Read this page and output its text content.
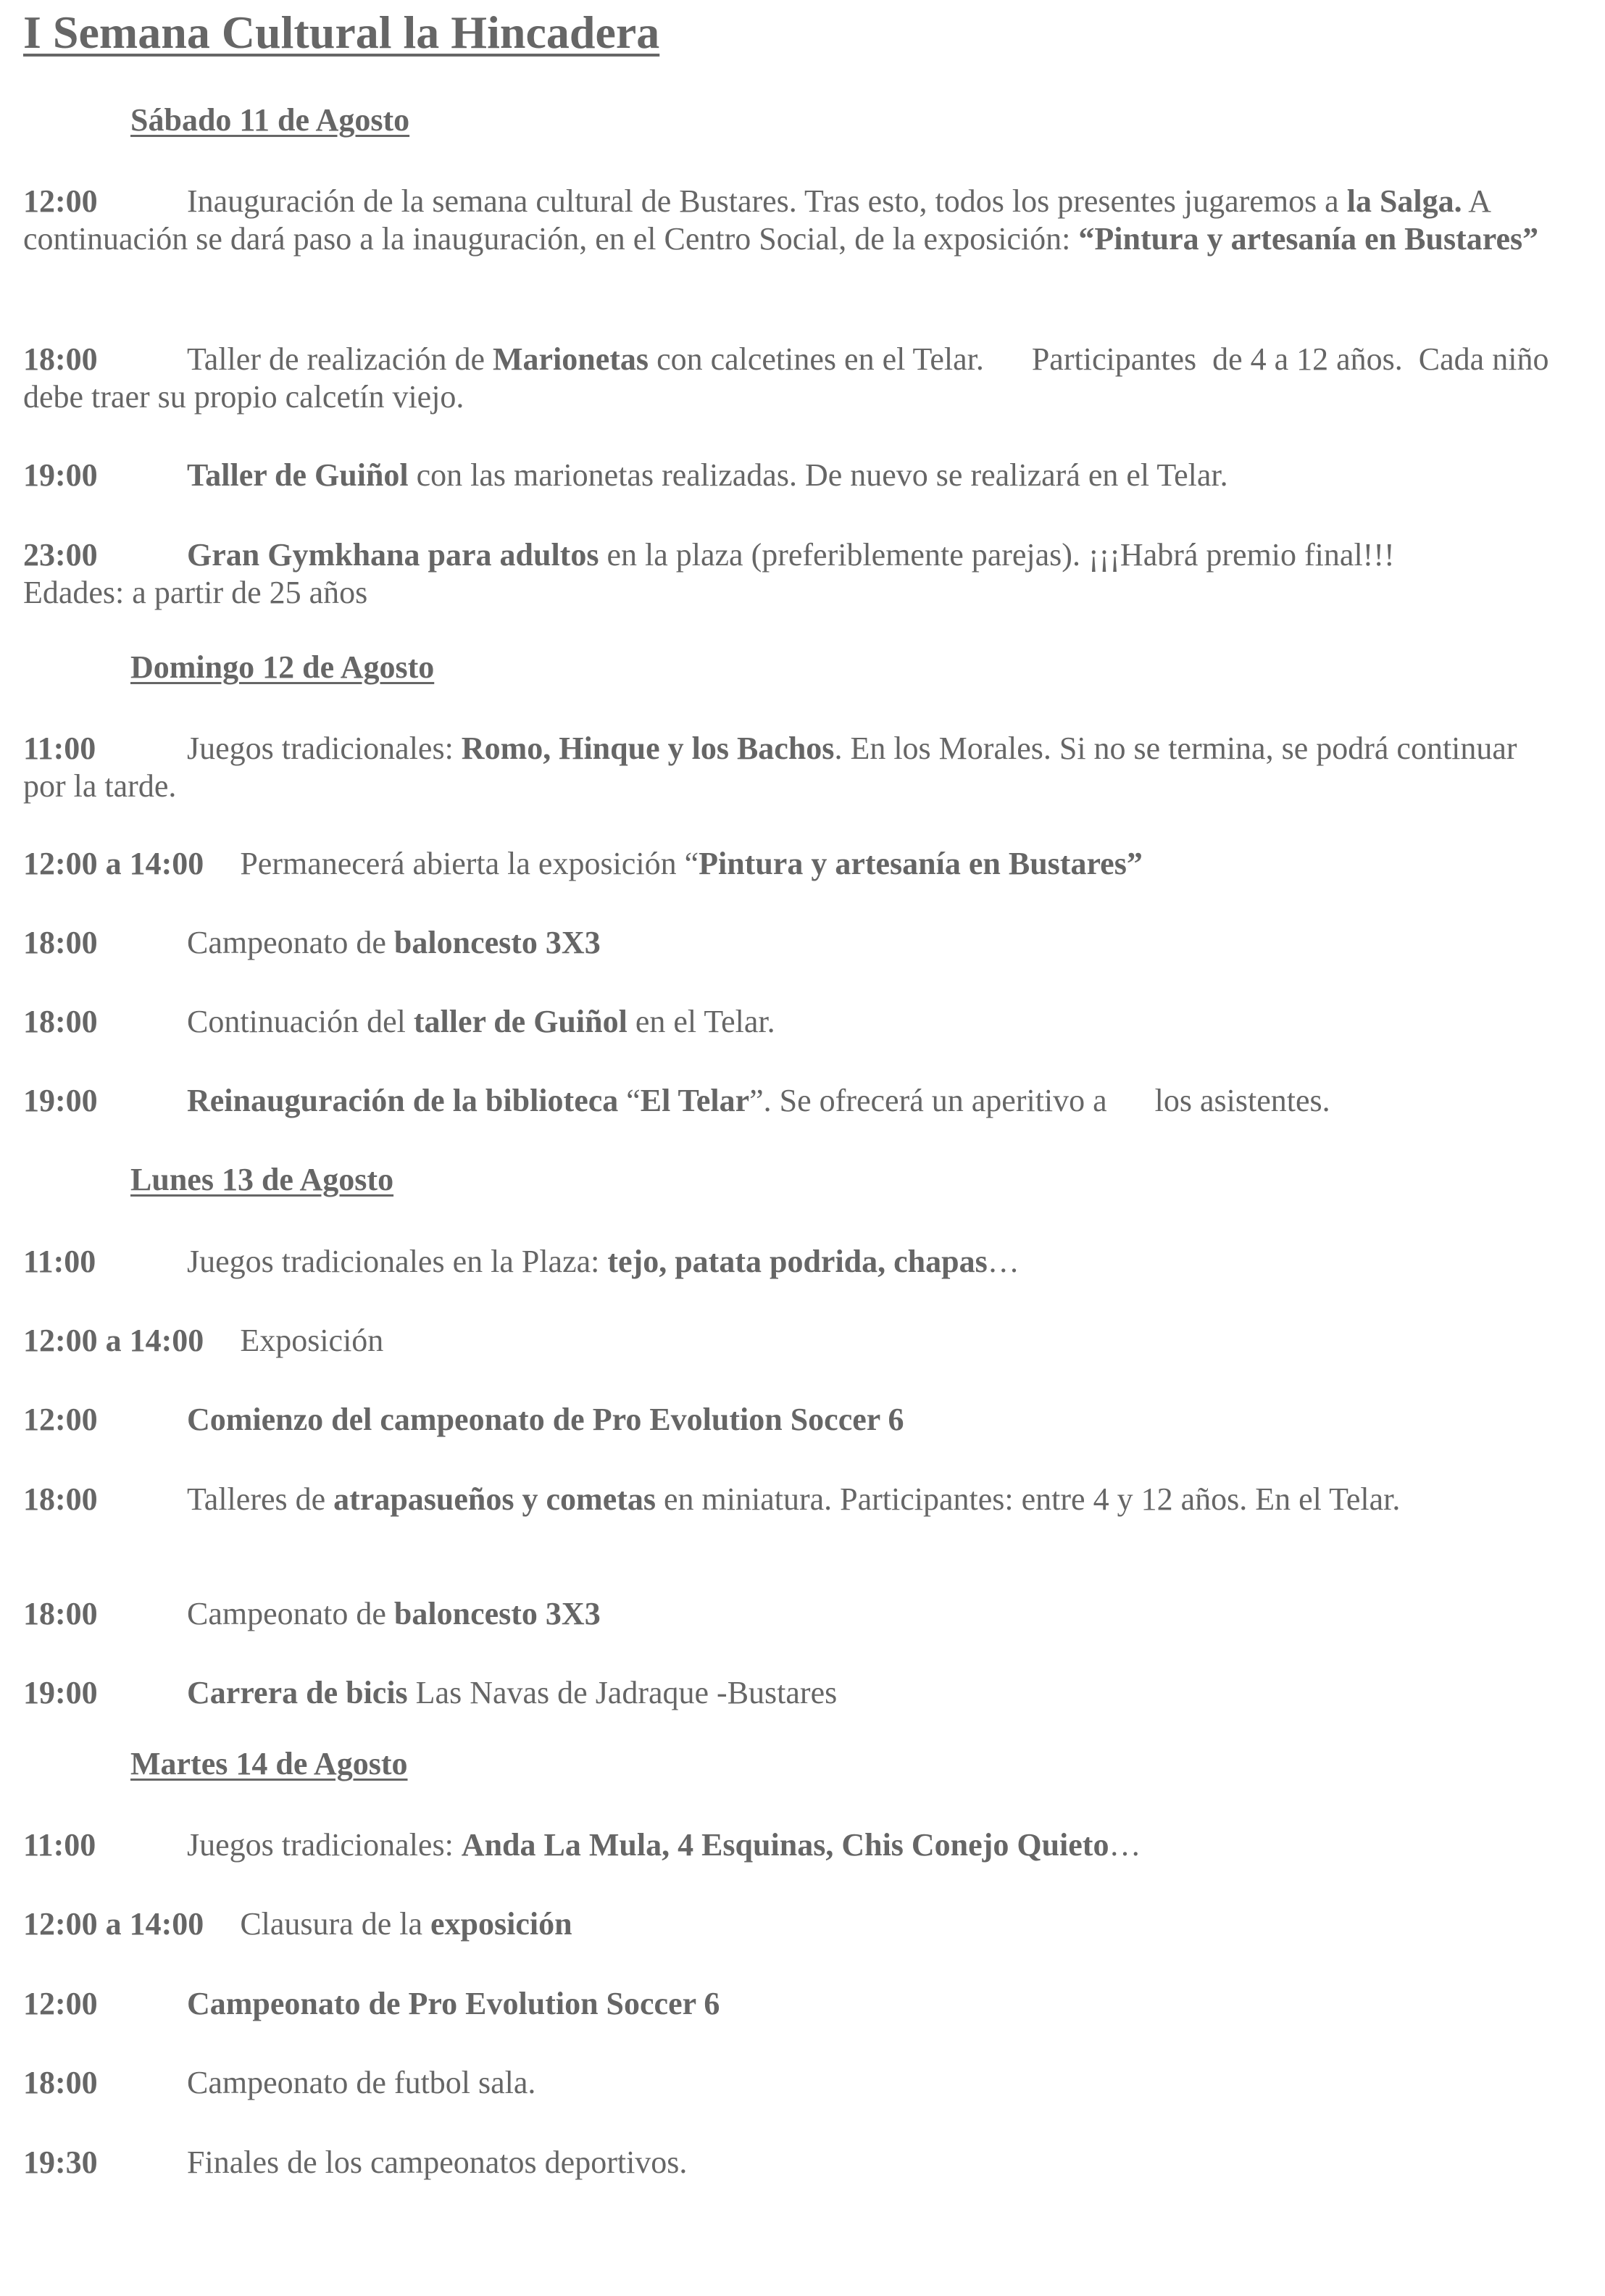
I Semana Cultural la Hincadera
Sábado 11 de Agosto

12:00	Inauguración de la semana cultural de Bustares. Tras esto, todos los presentes jugaremos a la Salga. A continuación se dará paso a la inauguración, en el Centro Social, de la exposición: “Pintura y artesanía en Bustares”

18:00	Taller de realización de Marionetas con calcetines en el Telar.      Participantes  de 4 a 12 años.  Cada niño debe traer su propio calcetín viejo.

19:00	Taller de Guiñol con las marionetas realizadas. De nuevo se realizará en el Telar.

23:00	Gran Gymkhana para adultos en la plaza (preferiblemente parejas). ¡¡¡Habrá premio final!!!        Edades: a partir de 25 años

Domingo 12 de Agosto

11:00	Juegos tradicionales: Romo, Hinque y los Bachos. En los Morales. Si no se termina, se podrá continuar por la tarde.

12:00 a 14:00 Permanecerá abierta la exposición “Pintura y artesanía en Bustares”

18:00	Campeonato de baloncesto 3X3

18:00	Continuación del taller de Guiñol en el Telar.

19:00	Reinauguración de la biblioteca “El Telar”. Se ofrecerá un aperitivo a      los asistentes.

Lunes 13 de Agosto

11:00	Juegos tradicionales en la Plaza: tejo, patata podrida, chapas…

12:00 a 14:00 Exposición

12:00	Comienzo del campeonato de Pro Evolution Soccer 6

18:00	Talleres de atrapasueños y cometas en miniatura. Participantes: entre 4 y 12 años. En el Telar.

18:00	Campeonato de baloncesto 3X3

19:00	Carrera de bicis Las Navas de Jadraque -Bustares

Martes 14 de Agosto

11:00	Juegos tradicionales: Anda La Mula, 4 Esquinas, Chis Conejo Quieto…

12:00 a 14:00 Clausura de la exposición

12:00	Campeonato de Pro Evolution Soccer 6

18:00	Campeonato de futbol sala.

19:30	Finales de los campeonatos deportivos.
